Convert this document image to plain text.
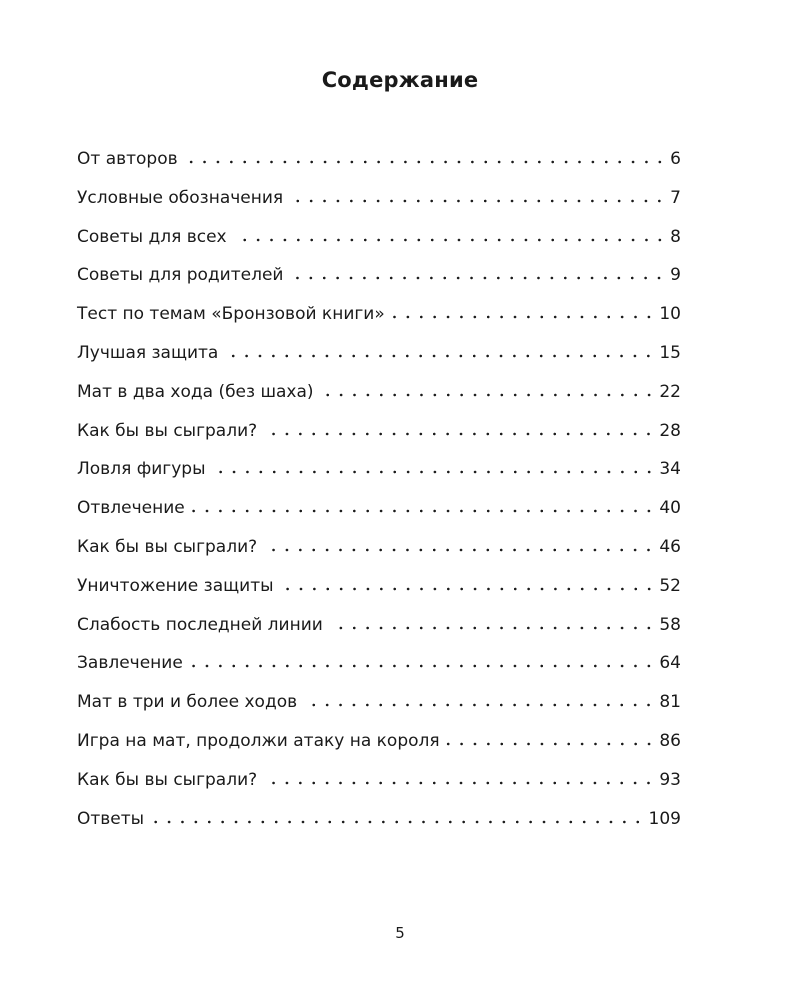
Содержание
От авторов	6
Условные обозначения	7
Советы для всех	8
Советы для родителей	9
Тест по темам «Бронзовой книги»	10
Лучшая защита	15
Мат в два хода (без шаха)	22
Как бы вы сыграли?	28
Ловля фигуры	34
Отвлечение	40
Как бы вы сыграли?	46
Уничтожение защиты	52
Слабость последней линии	58
Завлечение	64
Мат в три и более ходов	81
Игра на мат, продолжи атаку на короля	86
Как бы вы сыграли?	93
Ответы	109
5
